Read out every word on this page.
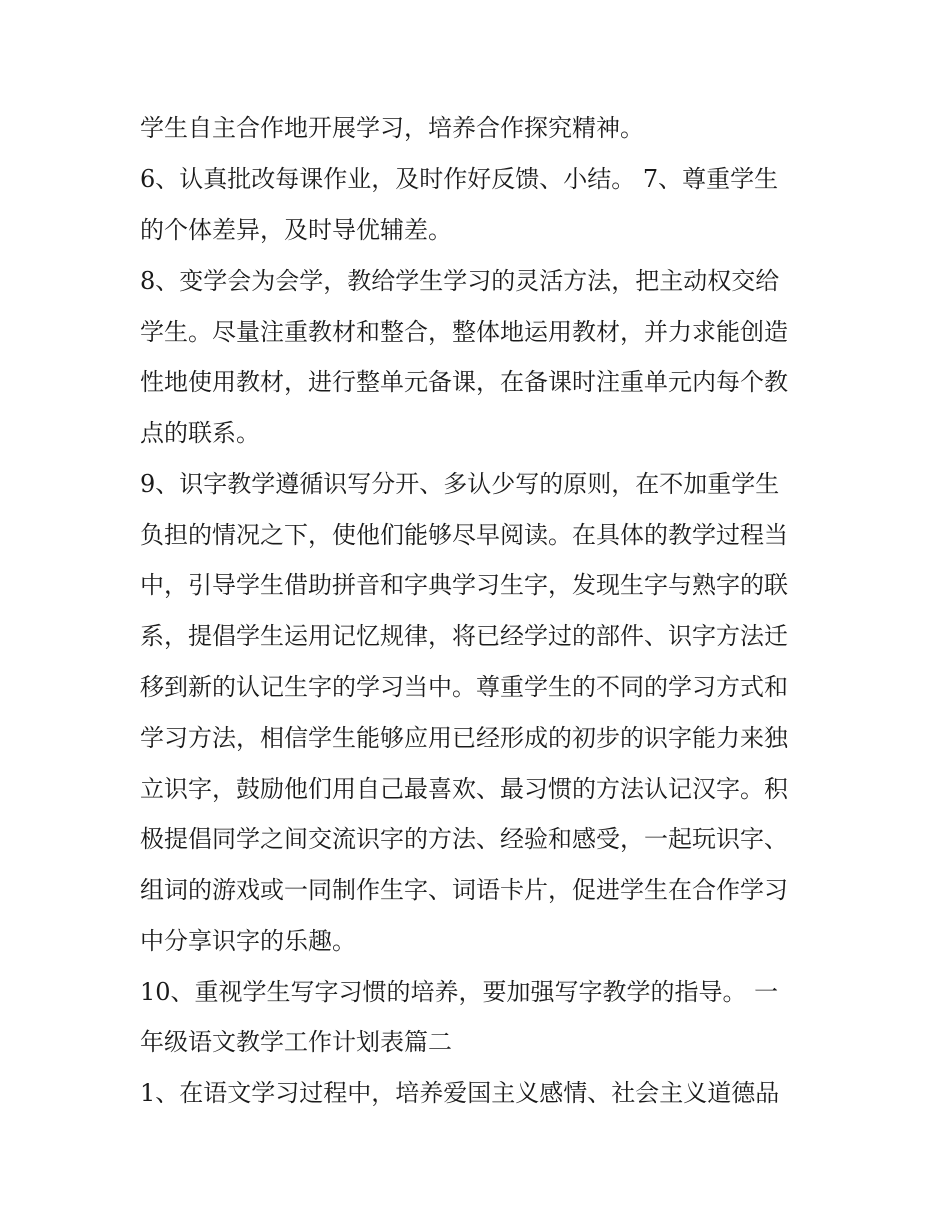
学生自主合作地开展学习，培养合作探究精神。
6、认真批改每课作业，及时作好反馈、小结。 7、尊重学生
的个体差异，及时导优辅差。
8、变学会为会学，教给学生学习的灵活方法，把主动权交给
学生。尽量注重教材和整合，整体地运用教材，并力求能创造
性地使用教材，进行整单元备课，在备课时注重单元内每个教
点的联系。
9、识字教学遵循识写分开、多认少写的原则，在不加重学生
负担的情况之下，使他们能够尽早阅读。在具体的教学过程当
中，引导学生借助拼音和字典学习生字，发现生字与熟字的联
系，提倡学生运用记忆规律，将已经学过的部件、识字方法迁
移到新的认记生字的学习当中。尊重学生的不同的学习方式和
学习方法，相信学生能够应用已经形成的初步的识字能力来独
立识字，鼓励他们用自己最喜欢、最习惯的方法认记汉字。积
极提倡同学之间交流识字的方法、经验和感受，一起玩识字、
组词的游戏或一同制作生字、词语卡片，促进学生在合作学习
中分享识字的乐趣。
10、重视学生写字习惯的培养，要加强写字教学的指导。 一
年级语文教学工作计划表篇二
1、在语文学习过程中，培养爱国主义感情、社会主义道德品
